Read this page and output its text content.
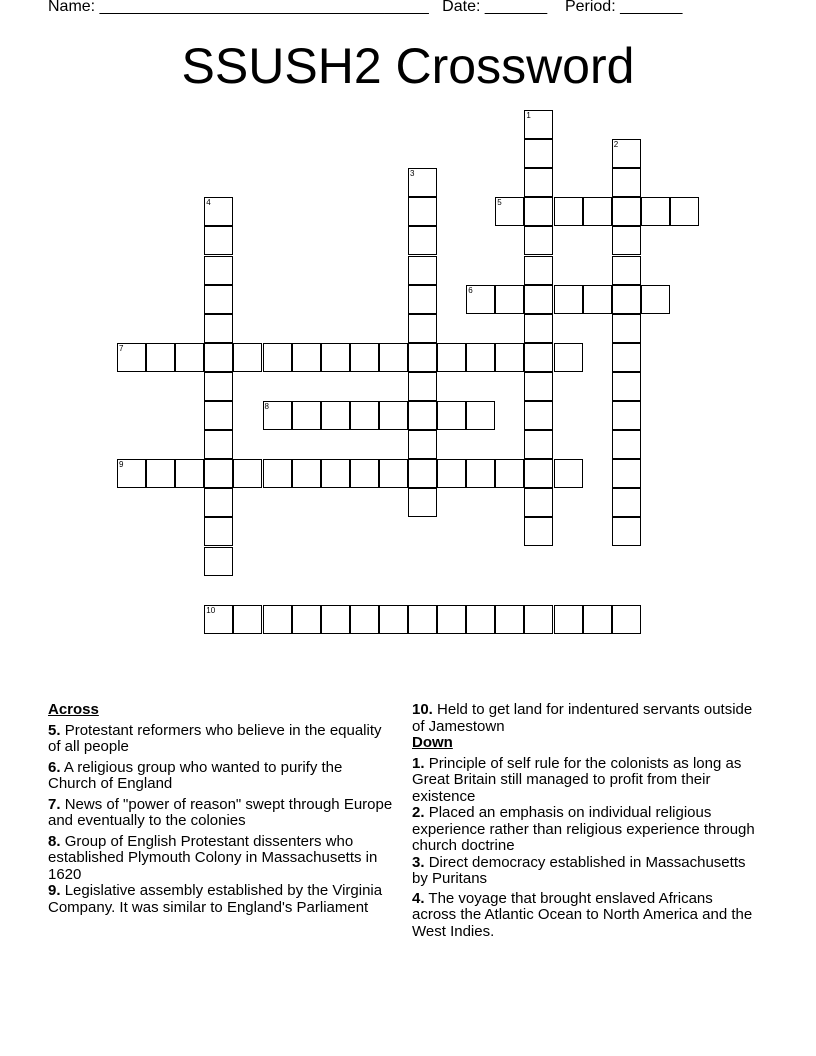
Name: _____________________________________ Date: _______ Period: _______
SSUSH2 Crossword
1
2
3
4	5
6
7
8
9
10
Across
5. Protestant reformers who believe in the equality of all people
6. A religious group who wanted to purify the Church of England
7. News of "power of reason" swept through Europe and eventually to the colonies
8. Group of English Protestant dissenters who established Plymouth Colony in Massachusetts in 1620
9. Legislative assembly established by the Virginia Company. It was similar to England's Parliament
10. Held to get land for indentured servants outside of Jamestown
Down
1. Principle of self rule for the colonists as long as Great Britain still managed to profit from their existence
2. Placed an emphasis on individual religious experience rather than religious experience through church doctrine
3. Direct democracy established in Massachusetts by Puritans
4. The voyage that brought enslaved Africans across the Atlantic Ocean to North America and the West Indies.
